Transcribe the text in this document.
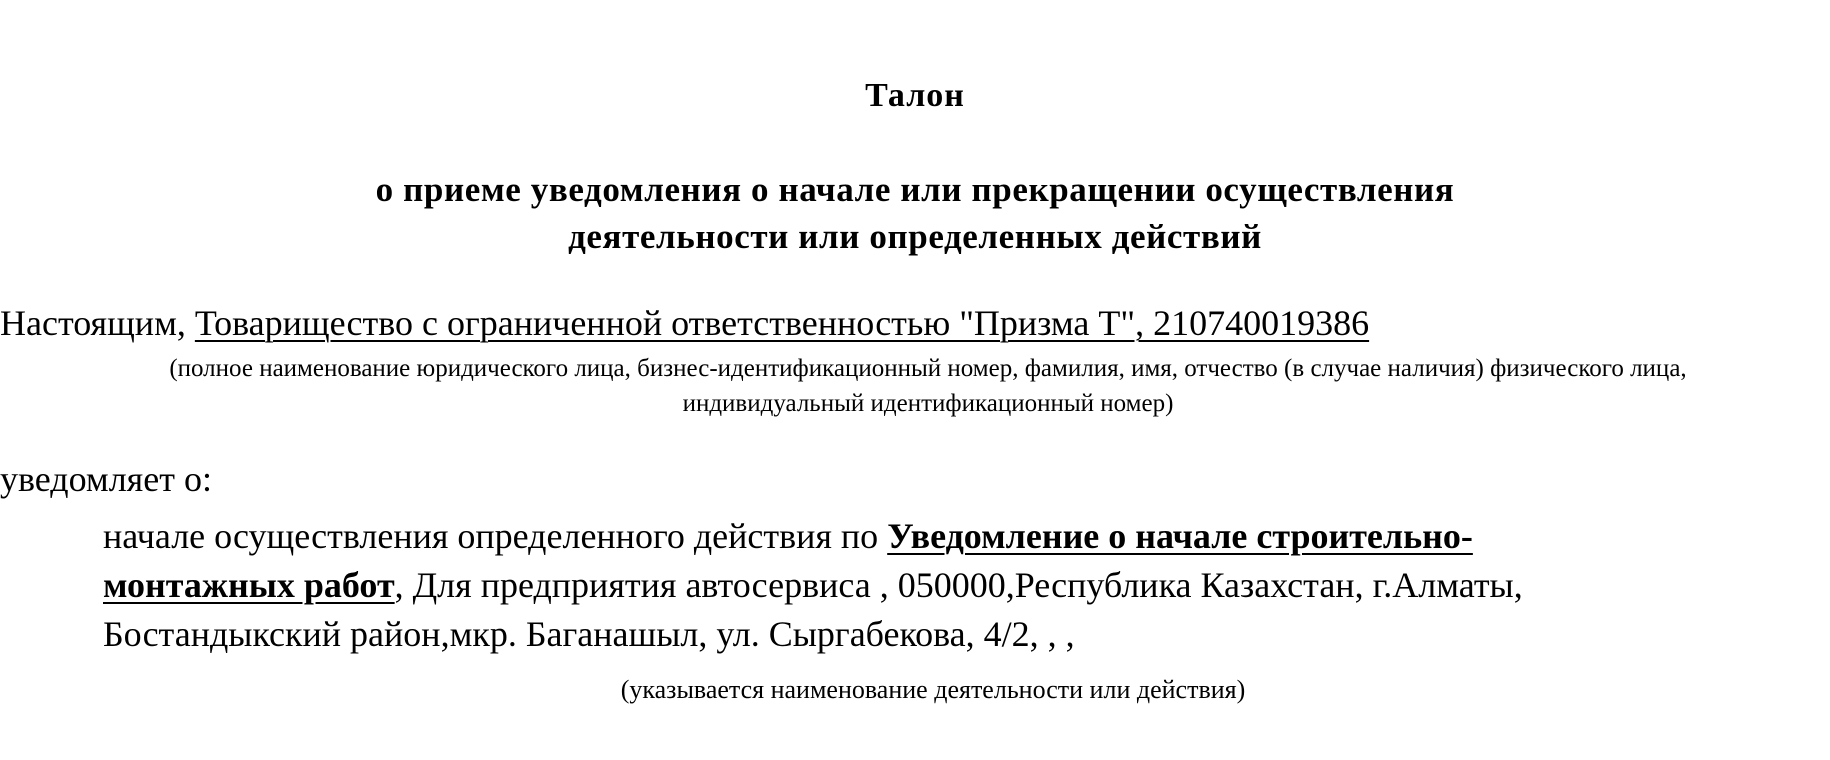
Талон
о приеме уведомления о начале или прекращении осуществления
деятельности или определенных действий
Настоящим, Товарищество с ограниченной ответственностью "Призма Т", 210740019386
(полное наименование юридического лица, бизнес-идентификационный номер, фамилия, имя, отчество (в случае наличия) физического лица,
индивидуальный идентификационный номер)
уведомляет о:
начале осуществления определенного действия по Уведомление о начале строительно-
монтажных работ, Для предприятия автосервиса , 050000,Республика Казахстан, г.Алматы,
Бостандыкский район,мкр. Баганашыл, ул. Сыргабекова, 4/2, , ,
(указывается наименование деятельности или действия)
